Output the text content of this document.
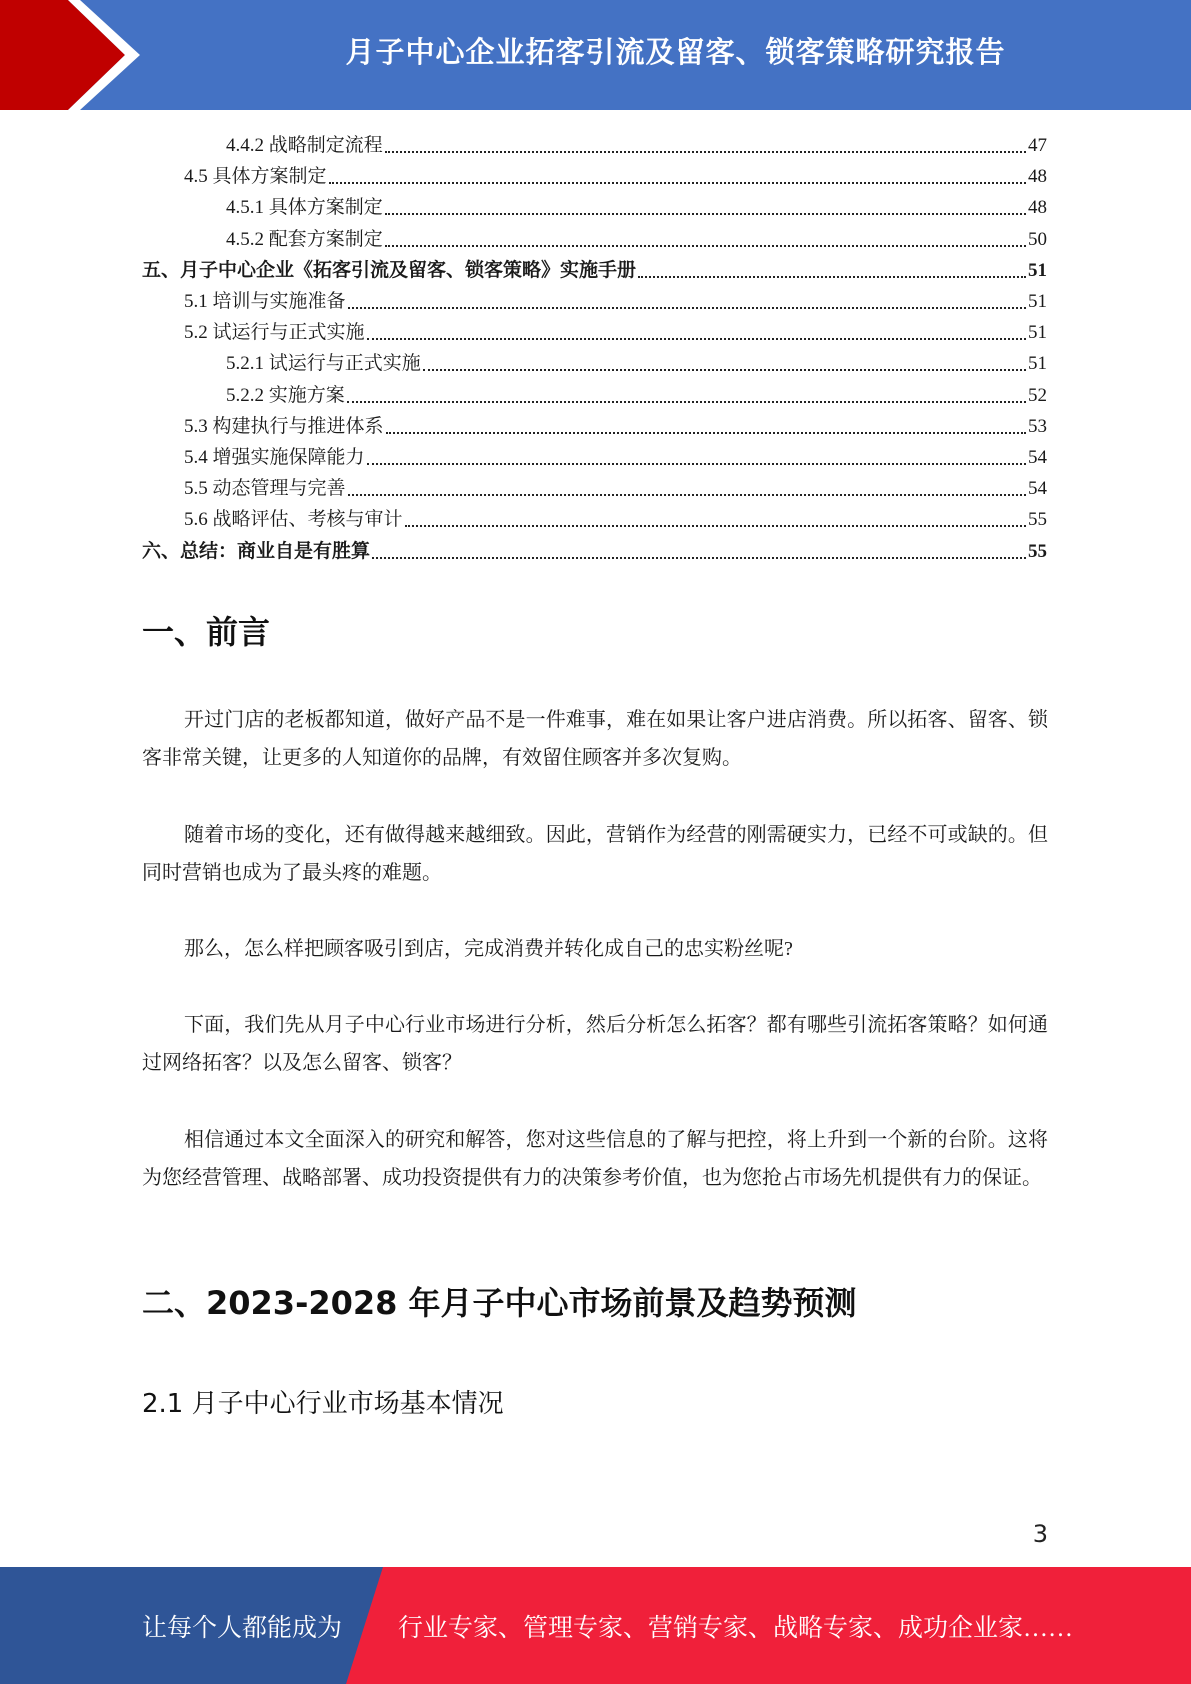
月子中心企业拓客引流及留客、锁客策略研究报告
4.4.2 战略制定流程	47
4.5 具体方案制定	48
4.5.1 具体方案制定	48
4.5.2 配套方案制定	50
五、月子中心企业《拓客引流及留客、锁客策略》实施手册	51
5.1 培训与实施准备	51
5.2 试运行与正式实施	51
5.2.1 试运行与正式实施	51
5.2.2 实施方案	52
5.3 构建执行与推进体系	53
5.4 增强实施保障能力	54
5.5 动态管理与完善	54
5.6 战略评估、考核与审计	55
六、总结：商业自是有胜算	55
一、前言
开过门店的老板都知道，做好产品不是一件难事，难在如果让客户进店消费。所以拓客、留客、锁客非常关键，让更多的人知道你的品牌，有效留住顾客并多次复购。
随着市场的变化，还有做得越来越细致。因此，营销作为经营的刚需硬实力，已经不可或缺的。但同时营销也成为了最头疼的难题。
那么，怎么样把顾客吸引到店，完成消费并转化成自己的忠实粉丝呢?
下面，我们先从月子中心行业市场进行分析，然后分析怎么拓客？都有哪些引流拓客策略？如何通过网络拓客？以及怎么留客、锁客？
相信通过本文全面深入的研究和解答，您对这些信息的了解与把控，将上升到一个新的台阶。这将为您经营管理、战略部署、成功投资提供有力的决策参考价值，也为您抢占市场先机提供有力的保证。
二、2023-2028 年月子中心市场前景及趋势预测
2.1 月子中心行业市场基本情况
3
让每个人都能成为 行业专家、管理专家、营销专家、战略专家、成功企业家……
